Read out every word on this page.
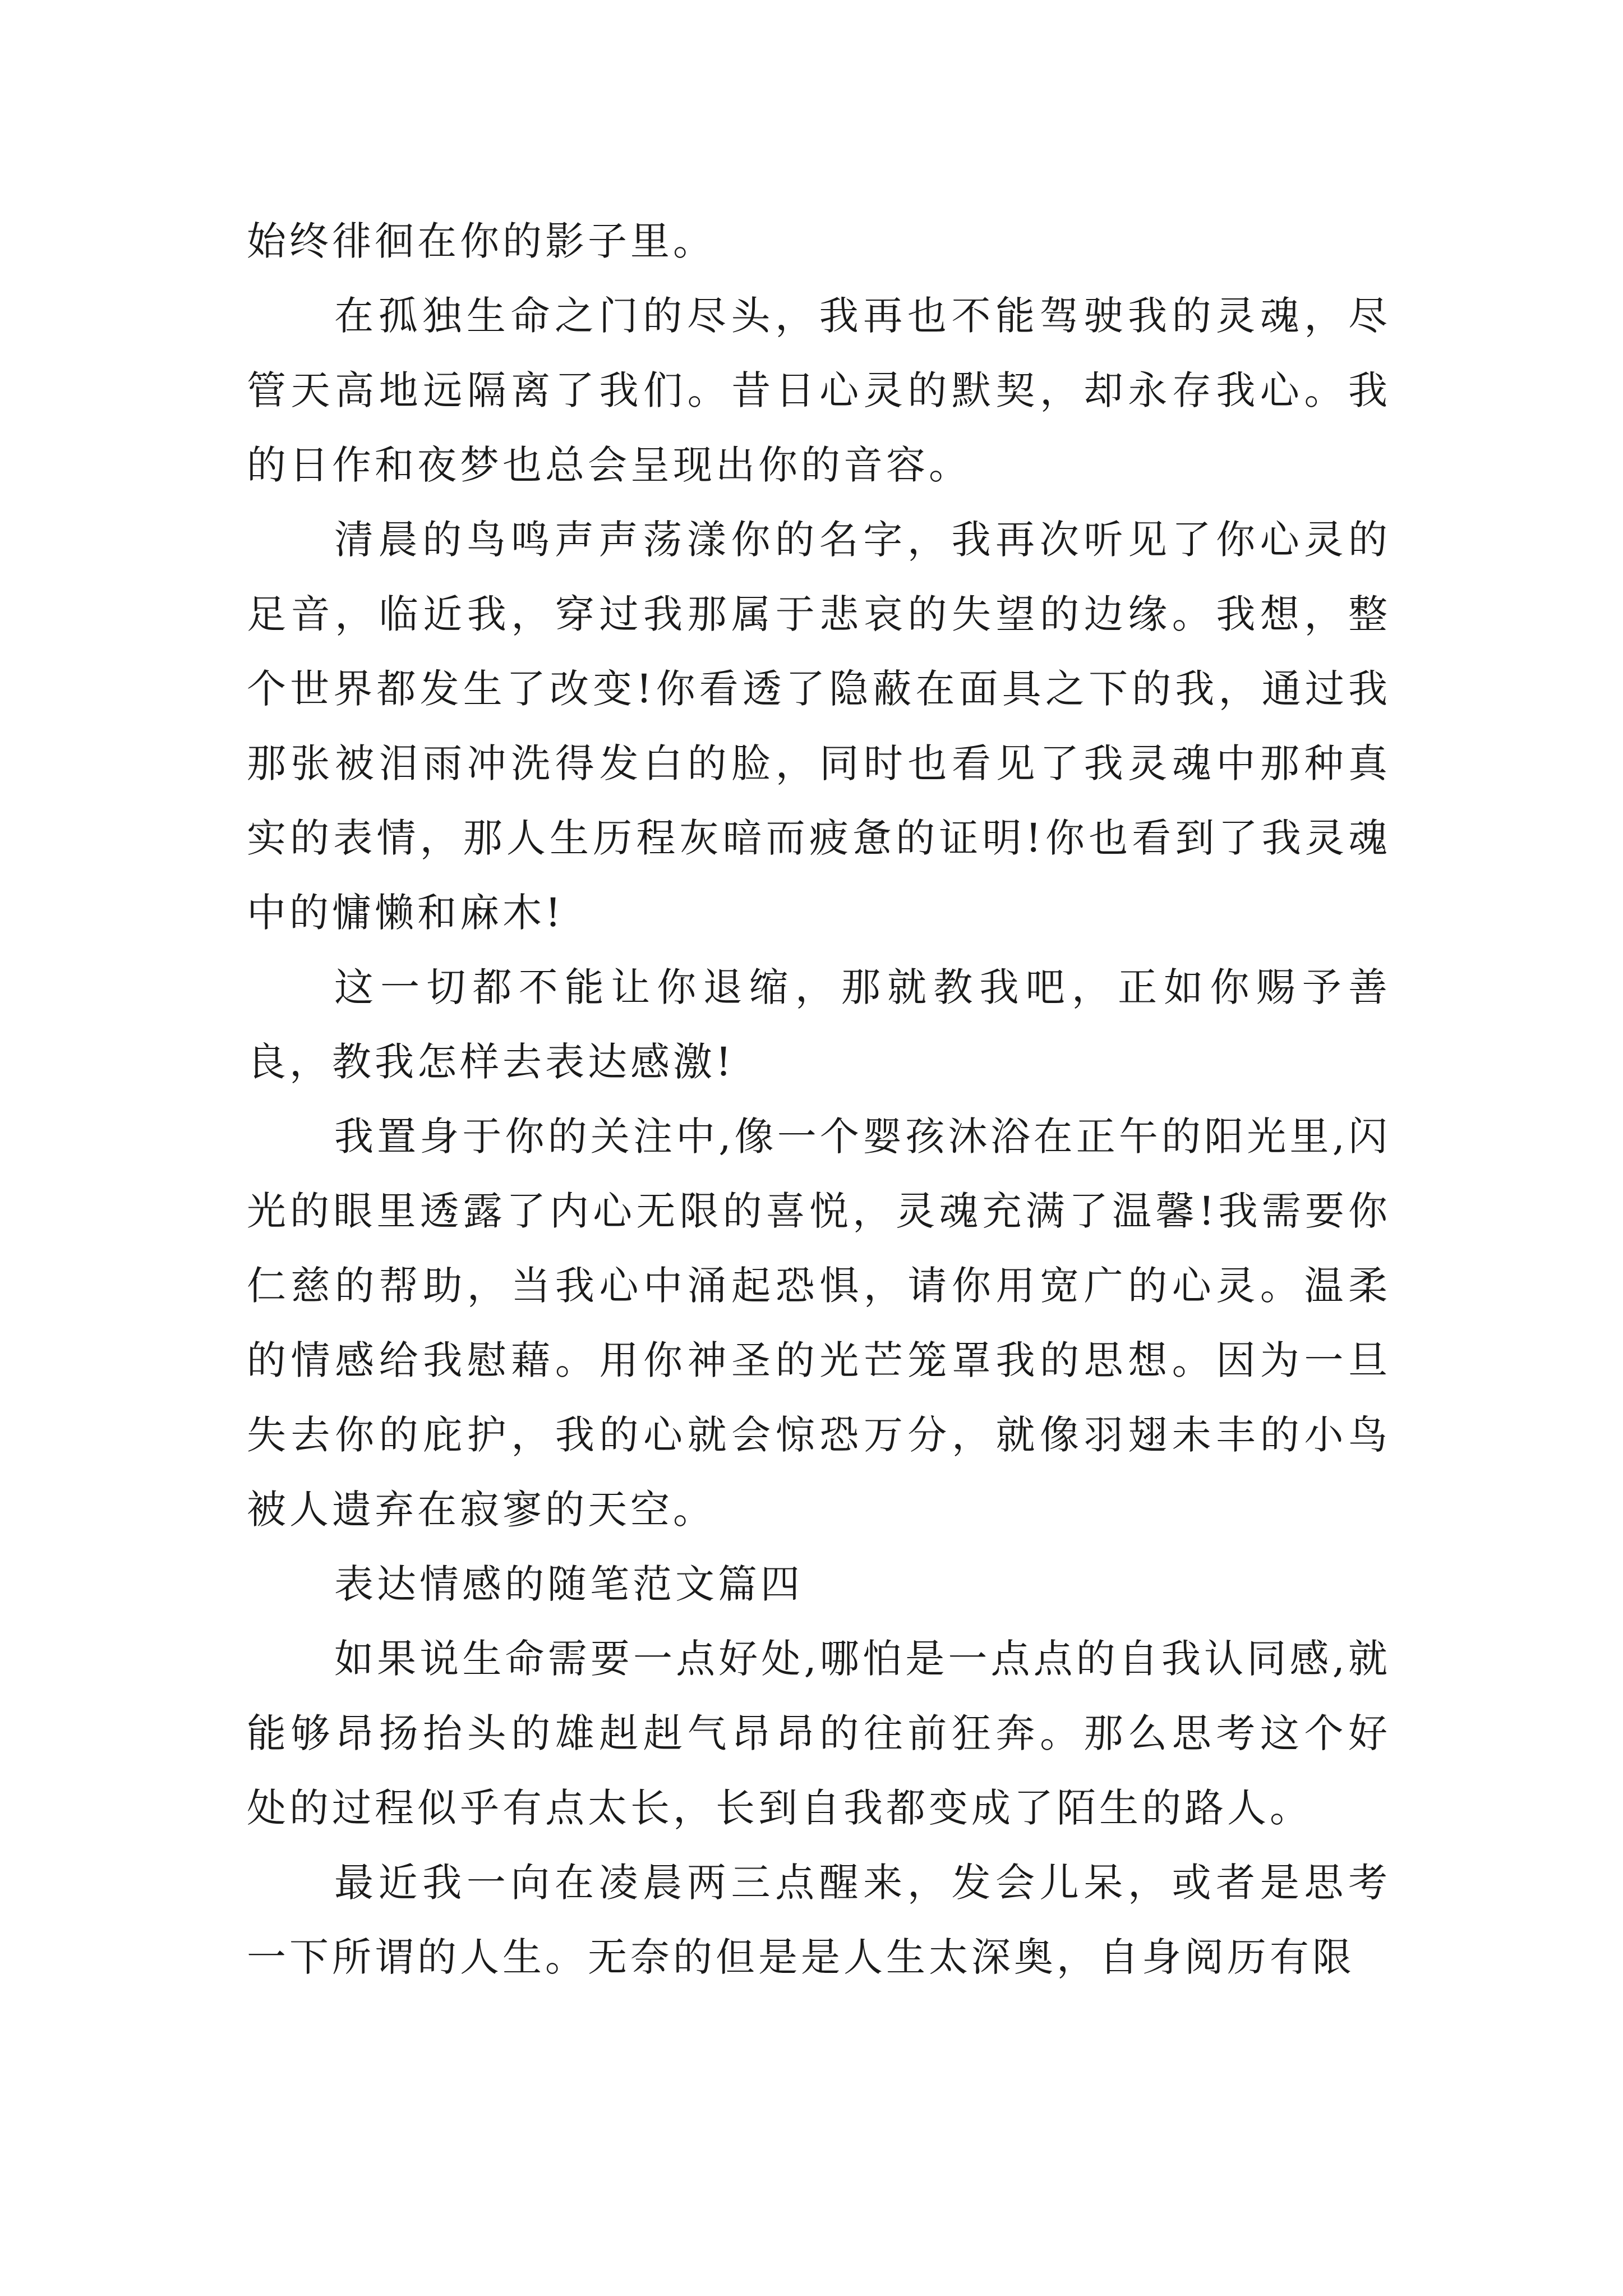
始终徘徊在你的影子里。

在孤独生命之门的尽头，我再也不能驾驶我的灵魂，尽管天高地远隔离了我们。昔日心灵的默契，却永存我心。我的日作和夜梦也总会呈现出你的音容。

清晨的鸟鸣声声荡漾你的名字，我再次听见了你心灵的足音，临近我，穿过我那属于悲哀的失望的边缘。我想，整个世界都发生了改变!你看透了隐蔽在面具之下的我，通过我那张被泪雨冲洗得发白的脸，同时也看见了我灵魂中那种真实的表情，那人生历程灰暗而疲惫的证明!你也看到了我灵魂中的慵懒和麻木!

这一切都不能让你退缩，那就教我吧，正如你赐予善良，教我怎样去表达感激!

我置身于你的关注中,像一个婴孩沐浴在正午的阳光里,闪光的眼里透露了内心无限的喜悦，灵魂充满了温馨!我需要你仁慈的帮助，当我心中涌起恐惧，请你用宽广的心灵。温柔的情感给我慰藉。用你神圣的光芒笼罩我的思想。因为一旦失去你的庇护，我的心就会惊恐万分，就像羽翅未丰的小鸟被人遗弃在寂寥的天空。

表达情感的随笔范文篇四

如果说生命需要一点好处,哪怕是一点点的自我认同感,就能够昂扬抬头的雄赳赳气昂昂的往前狂奔。那么思考这个好处的过程似乎有点太长，长到自我都变成了陌生的路人。

最近我一向在凌晨两三点醒来，发会儿呆，或者是思考一下所谓的人生。无奈的但是是人生太深奥，自身阅历有限
